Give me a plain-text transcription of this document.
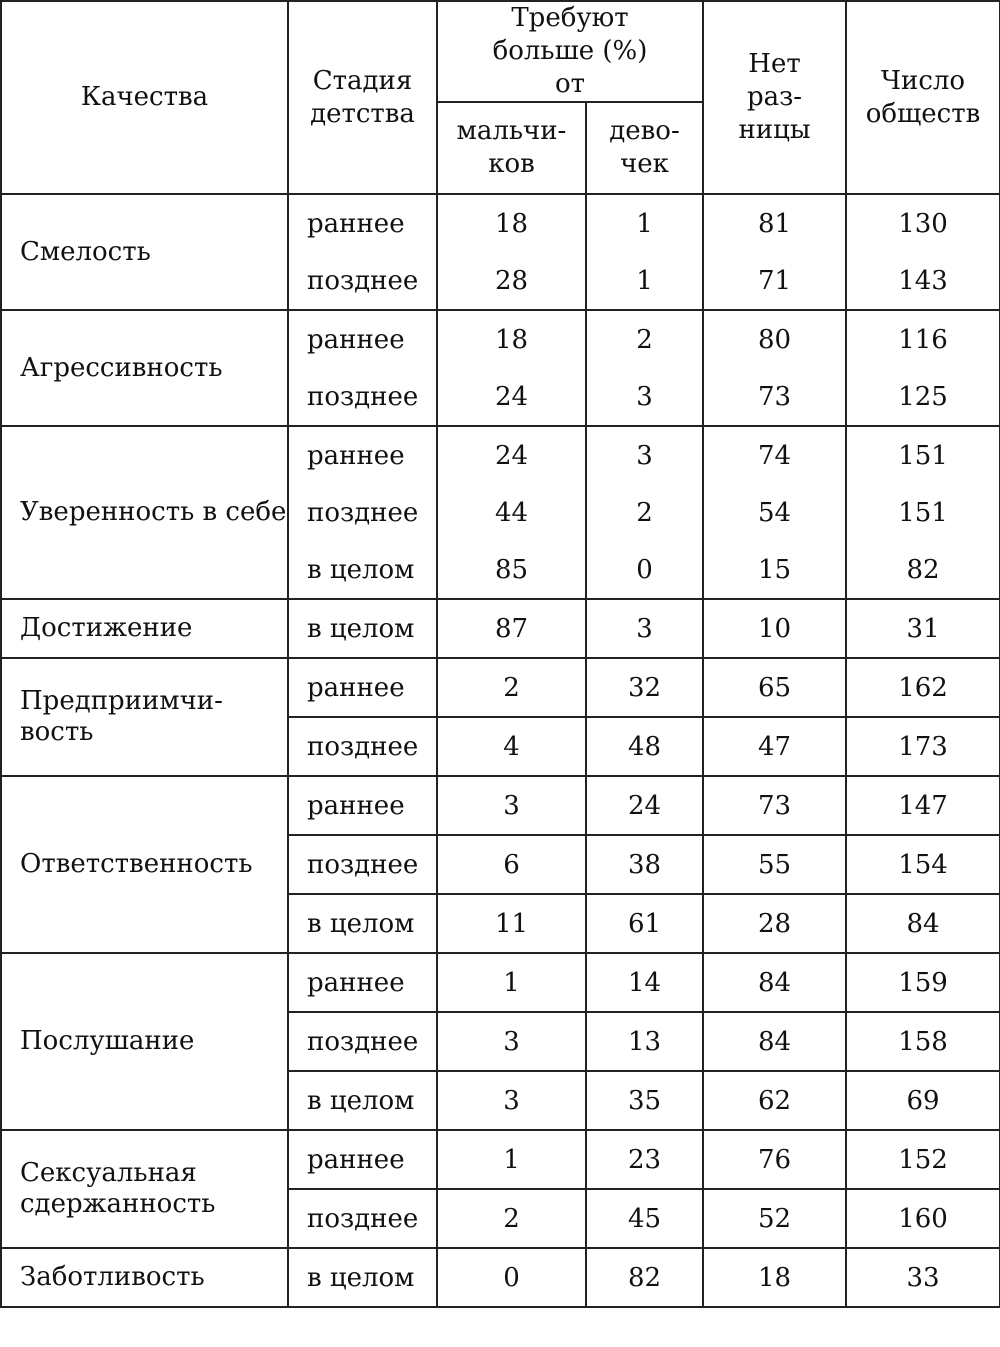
Качества	Стадия детства	Требуют больше (%) от		Нет раз- ницы	Число обществ
		мальчи- ков	дево- чек		
Смелость	раннее	18	1	81	130
	позднее	28	1	71	143
Агрессивность	раннее	18	2	80	116
	позднее	24	3	73	125
Уверенность в себе	раннее	24	3	74	151
	позднее	44	2	54	151
	в целом	85	0	15	82
Достижение	в целом	87	3	10	31
Предприимчи- вость	раннее	2	32	65	162
	позднее	4	48	47	173
Ответственность	раннее	3	24	73	147
	позднее	6	38	55	154
	в целом	11	61	28	84
Послушание	раннее	1	14	84	159
	позднее	3	13	84	158
	в целом	3	35	62	69
Сексуальная сдержанность	раннее	1	23	76	152
	позднее	2	45	52	160
Заботливость	в целом	0	82	18	33
